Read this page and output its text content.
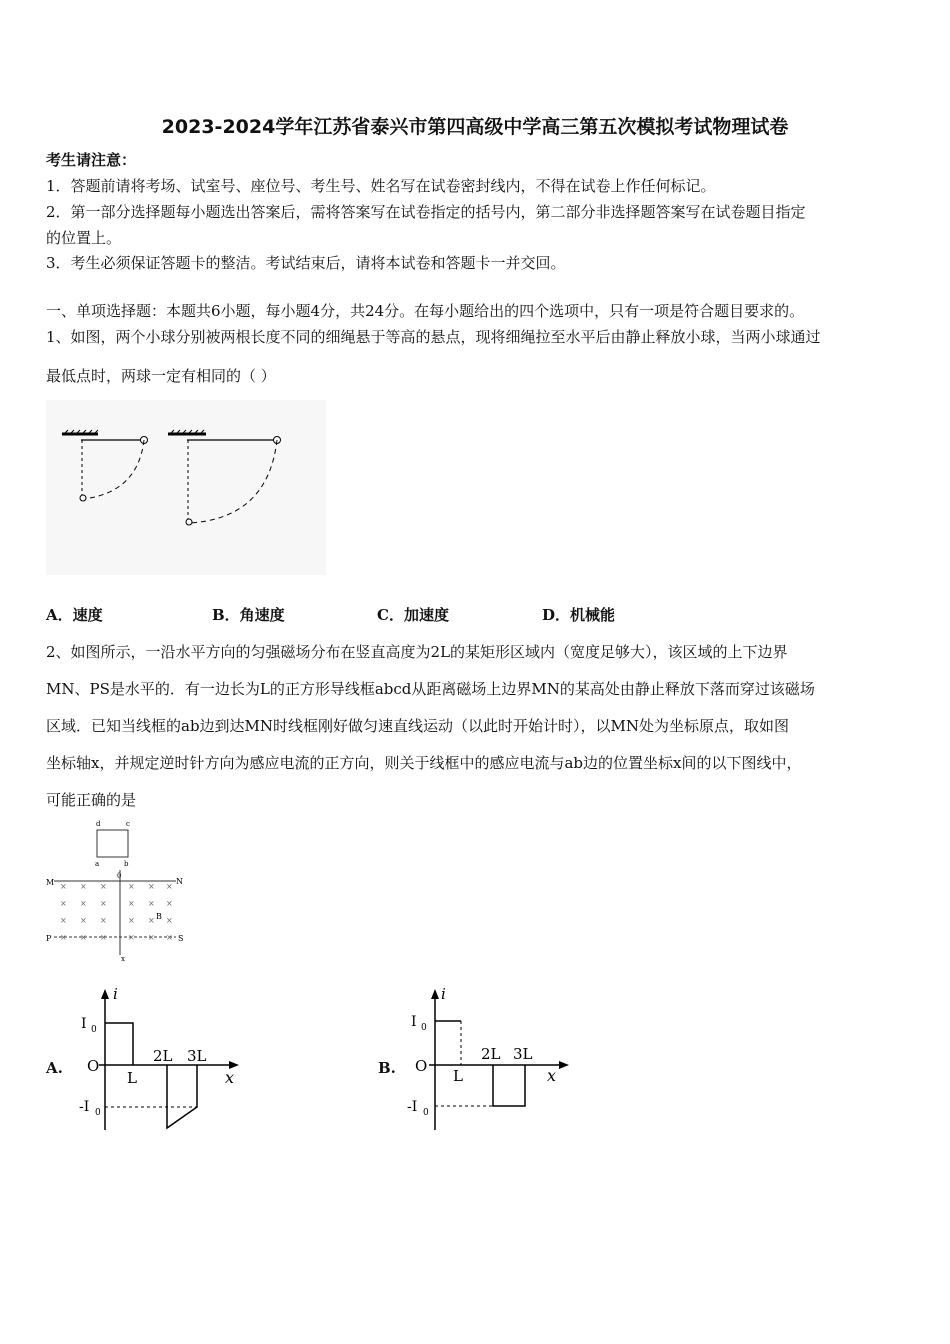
2023-2024学年江苏省泰兴市第四高级中学高三第五次模拟考试物理试卷
考生请注意：
1．答题前请将考场、试室号、座位号、考生号、姓名写在试卷密封线内，不得在试卷上作任何标记。
2．第一部分选择题每小题选出答案后，需将答案写在试卷指定的括号内，第二部分非选择题答案写在试卷题目指定
的位置上。
3．考生必须保证答题卡的整洁。考试结束后，请将本试卷和答题卡一并交回。
一、单项选择题：本题共6小题，每小题4分，共24分。在每小题给出的四个选项中，只有一项是符合题目要求的。
1、如图，两个小球分别被两根长度不同的细绳悬于等高的悬点，现将细绳拉至水平后由静止释放小球，当两小球通过
最低点时，两球一定有相同的（ ）
A．速度	B．角速度	C．加速度	D．机械能
2、如图所示，一沿水平方向的匀强磁场分布在竖直高度为2L的某矩形区域内（宽度足够大），该区域的上下边界
MN、PS是水平的．有一边长为L的正方形导线框abcd从距离磁场上边界MN的某高处由静止释放下落而穿过该磁场
区域．已知当线框的ab边到达MN时线框刚好做匀速直线运动（以此时开始计时），以MN处为坐标原点，取如图
坐标轴x，并规定逆时针方向为感应电流的正方向，则关于线框中的感应电流与ab边的位置坐标x间的以下图线中，
可能正确的是
d	c
a	b
0
M	N
P	S
B
x
× × ×	× × ×
× × ×	× × ×
× × ×	× × ×
× × ×	× × ×
A.
i
I 0
-I 0
O
L
2L 3L
x	B.
i
I 0
-I 0
O
L
2L 3L
x
